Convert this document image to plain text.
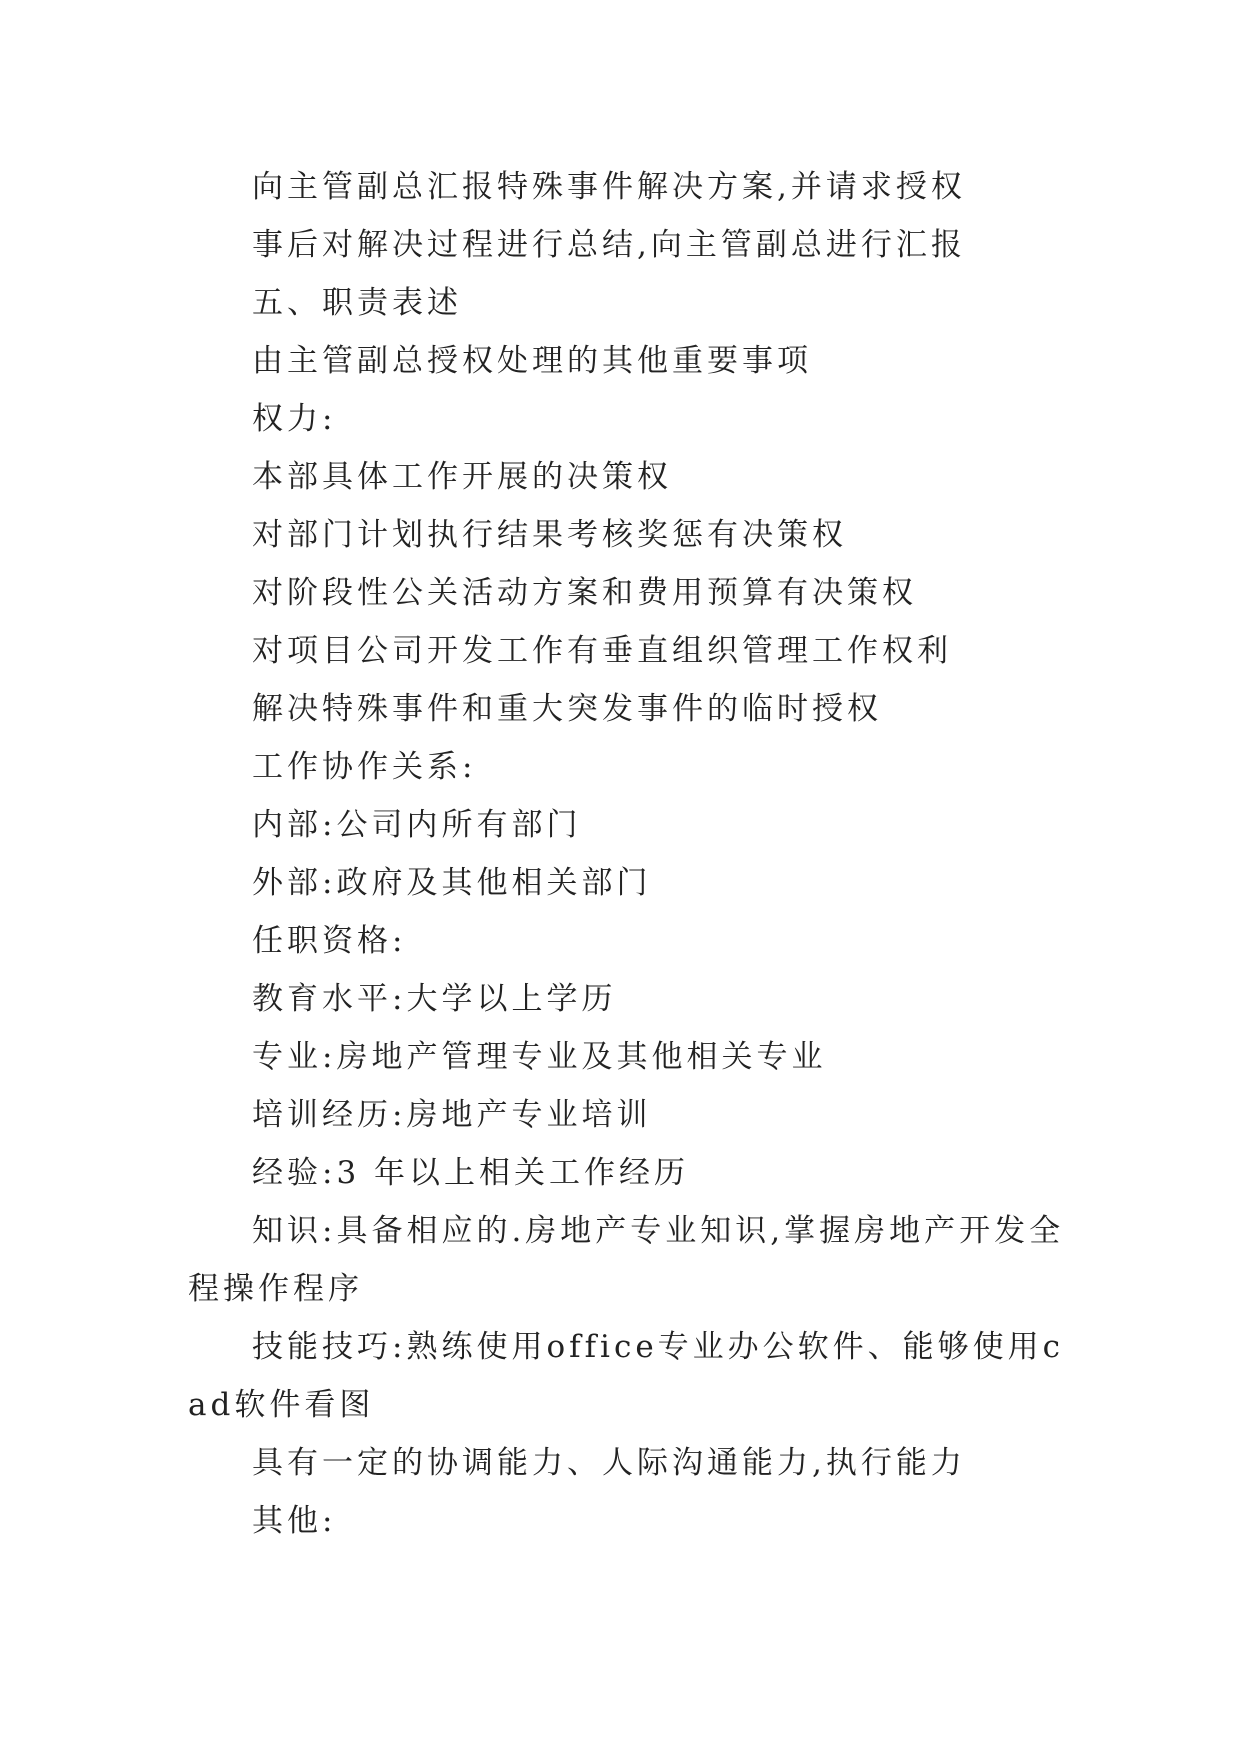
向主管副总汇报特殊事件解决方案,并请求授权

事后对解决过程进行总结,向主管副总进行汇报

五、职责表述

由主管副总授权处理的其他重要事项

权力:

本部具体工作开展的决策权

对部门计划执行结果考核奖惩有决策权

对阶段性公关活动方案和费用预算有决策权

对项目公司开发工作有垂直组织管理工作权利

解决特殊事件和重大突发事件的临时授权

工作协作关系:

内部:公司内所有部门

外部:政府及其他相关部门

任职资格:

教育水平:大学以上学历

专业:房地产管理专业及其他相关专业

培训经历:房地产专业培训

经验:3 年以上相关工作经历

知识:具备相应的.房地产专业知识,掌握房地产开发全程操作程序

技能技巧:熟练使用office专业办公软件、能够使用cad软件看图

具有一定的协调能力、人际沟通能力,执行能力

其他:
